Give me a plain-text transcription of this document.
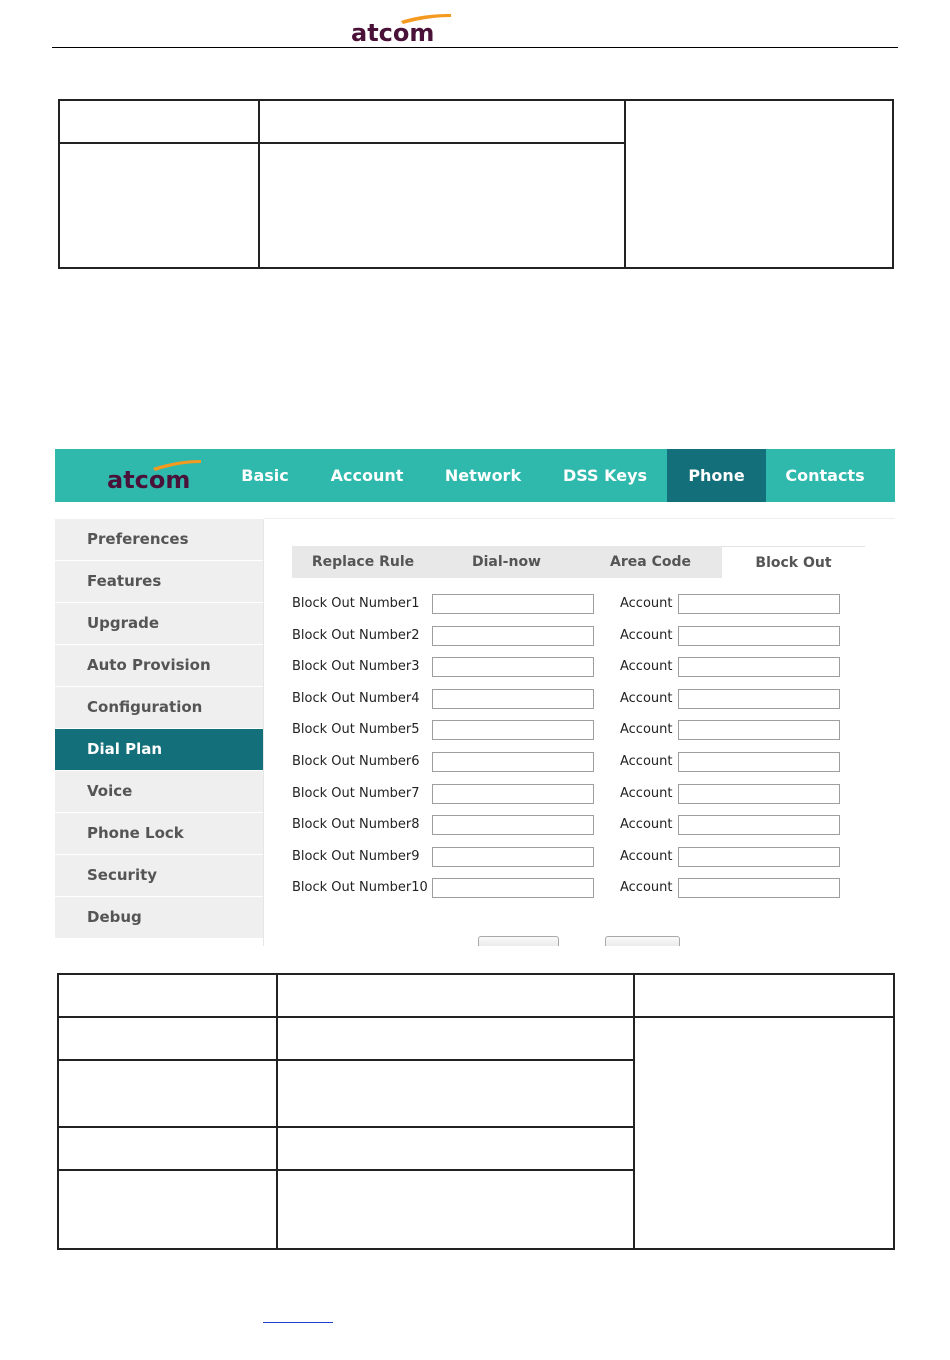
atcom

atcom	Basic	Account	Network	DSS Keys	Phone	Contacts
Preferences
Features
Upgrade
Auto Provision
Configuration
Dial Plan
Voice
Phone Lock
Security
Debug
Replace Rule	Dial-now	Area Code	Block Out
Block Out Number1	Account
Block Out Number2	Account
Block Out Number3	Account
Block Out Number4	Account
Block Out Number5	Account
Block Out Number6	Account
Block Out Number7	Account
Block Out Number8	Account
Block Out Number9	Account
Block Out Number10	Account
